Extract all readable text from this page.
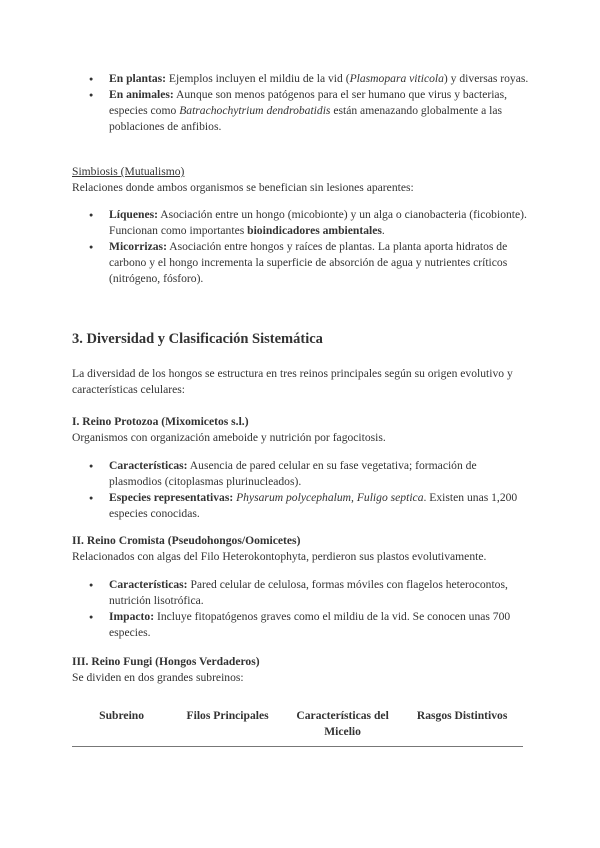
● En plantas: Ejemplos incluyen el mildiu de la vid (Plasmopara viticola) y diversas royas.
● En animales: Aunque son menos patógenos para el ser humano que virus y bacterias, especies como Batrachochytrium dendrobatidis están amenazando globalmente a las poblaciones de anfibios.
Simbiosis (Mutualismo)
Relaciones donde ambos organismos se benefician sin lesiones aparentes:
● Líquenes: Asociación entre un hongo (micobionte) y un alga o cianobacteria (ficobionte). Funcionan como importantes bioindicadores ambientales.
● Micorrizas: Asociación entre hongos y raíces de plantas. La planta aporta hidratos de carbono y el hongo incrementa la superficie de absorción de agua y nutrientes críticos (nitrógeno, fósforo).
3. Diversidad y Clasificación Sistemática
La diversidad de los hongos se estructura en tres reinos principales según su origen evolutivo y características celulares:
I. Reino Protozoa (Mixomicetos s.l.)
Organismos con organización ameboide y nutrición por fagocitosis.
● Características: Ausencia de pared celular en su fase vegetativa; formación de plasmodios (citoplasmas plurinucleados).
● Especies representativas: Physarum polycephalum, Fuligo septica. Existen unas 1,200 especies conocidas.
II. Reino Cromista (Pseudohongos/Oomicetes)
Relacionados con algas del Filo Heterokontophyta, perdieron sus plastos evolutivamente.
● Características: Pared celular de celulosa, formas móviles con flagelos heterocontos, nutrición lisotrófica.
● Impacto: Incluye fitopatógenos graves como el mildiu de la vid. Se conocen unas 700 especies.
III. Reino Fungi (Hongos Verdaderos)
Se dividen en dos grandes subreinos:
Subreino	Filos Principales	Características del Micelio	Rasgos Distintivos
